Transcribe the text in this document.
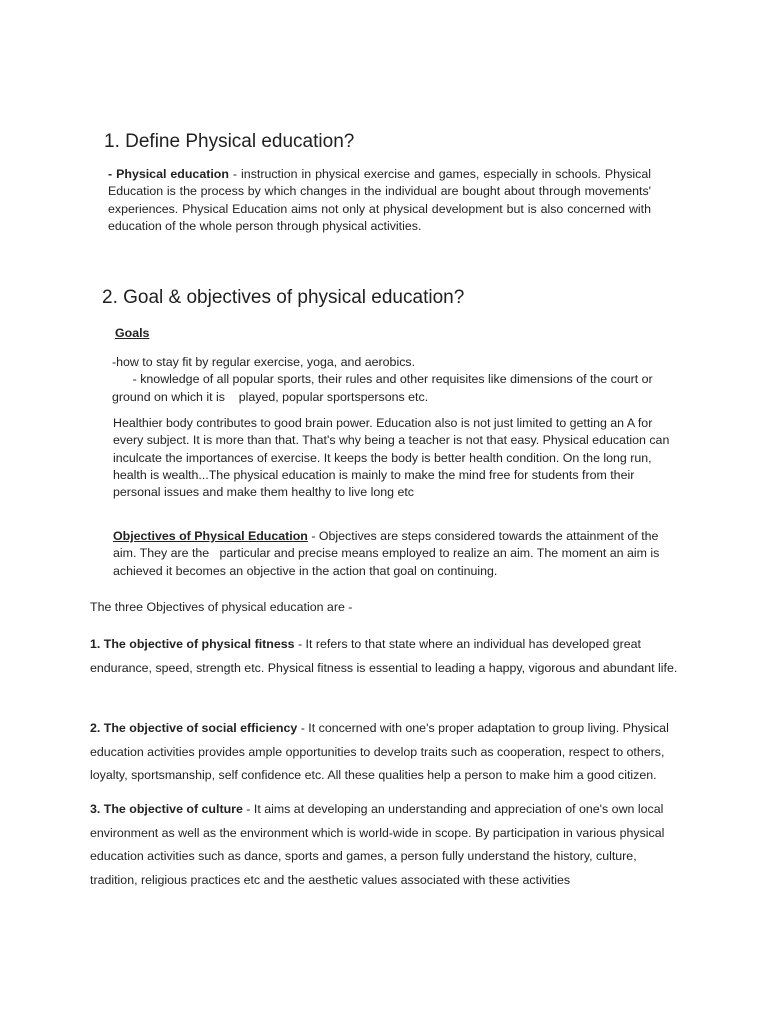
1. Define Physical education?

- Physical education - instruction in physical exercise and games, especially in schools. Physical Education is the process by which changes in the individual are bought about through movements' experiences. Physical Education aims not only at physical development but is also concerned with education of the whole person through physical activities.

2. Goal & objectives of physical education?

Goals

-how to stay fit by regular exercise, yoga, and aerobics.
- knowledge of all popular sports, their rules and other requisites like dimensions of the court or ground on which it is    played, popular sportspersons etc.

Healthier body contributes to good brain power. Education also is not just limited to getting an A for every subject. It is more than that. That's why being a teacher is not that easy. Physical education can inculcate the importances of exercise. It keeps the body is better health condition. On the long run, health is wealth...The physical education is mainly to make the mind free for students from their personal issues and make them healthy to live long etc

Objectives of Physical Education - Objectives are steps considered towards the attainment of the aim. They are the   particular and precise means employed to realize an aim. The moment an aim is achieved it becomes an objective in the action that goal on continuing.

The three Objectives of physical education are -

1. The objective of physical fitness - It refers to that state where an individual has developed great endurance, speed, strength etc. Physical fitness is essential to leading a happy, vigorous and abundant life.

2. The objective of social efficiency - It concerned with one's proper adaptation to group living. Physical education activities provides ample opportunities to develop traits such as cooperation, respect to others, loyalty, sportsmanship, self confidence etc. All these qualities help a person to make him a good citizen.

3. The objective of culture - It aims at developing an understanding and appreciation of one's own local environment as well as the environment which is world-wide in scope. By participation in various physical education activities such as dance, sports and games, a person fully understand the history, culture, tradition, religious practices etc and the aesthetic values associated with these activities
